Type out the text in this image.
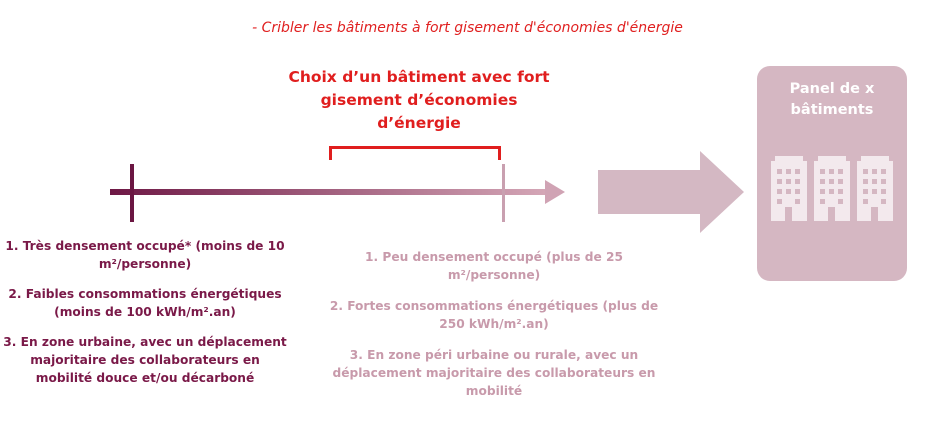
- Cribler les bâtiments à fort gisement d'économies d'énergie
Choix d’un bâtiment avec fort gisement d’économies d’énergie
Panel de x bâtiments

1. Très densement occupé* (moins de 10 m²/personne)

2. Faibles consommations énergétiques (moins de 100 kWh/m².an)

3. En zone urbaine, avec un déplacement majoritaire des collaborateurs en mobilité douce et/ou décarboné

1. Peu densement occupé (plus de 25 m²/personne)

2. Fortes consommations énergétiques (plus de 250 kWh/m².an)

3. En zone péri urbaine ou rurale, avec un déplacement majoritaire des collaborateurs en mobilité
